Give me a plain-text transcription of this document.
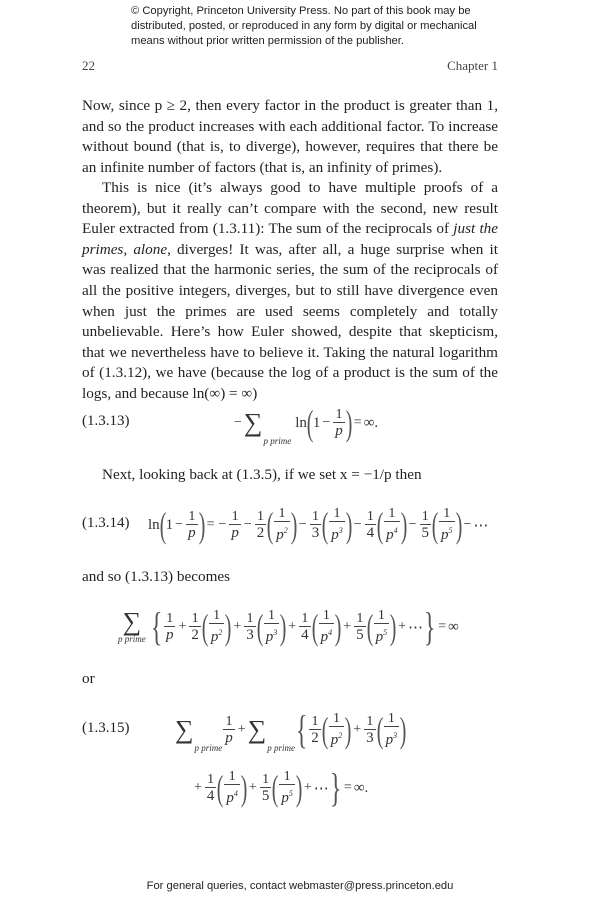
© Copyright, Princeton University Press. No part of this book may be distributed, posted, or reproduced in any form by digital or mechanical means without prior written permission of the publisher.
22	Chapter 1

Now, since p ≥ 2, then every factor in the product is greater than 1, and so the product increases with each additional factor. To increase without bound (that is, to diverge), however, requires that there be an infinite number of factors (that is, an infinity of primes).

This is nice (it’s always good to have multiple proofs of a theorem), but it really can’t compare with the second, new result Euler extracted from (1.3.11): The sum of the reciprocals of just the primes, alone, diverges! It was, after all, a huge surprise when it was realized that the harmonic series, the sum of the reciprocals of all the positive integers, diverges, but to still have divergence even when just the primes are used seems completely and totally unbelievable. Here’s how Euler showed, despite that skepticism, that we nevertheless have to believe it. Taking the natural logarithm of (1.3.12), we have (because the log of a product is the sum of the logs, and because ln(∞) = ∞)

(1.3.13)	− ∑
p prime
ln ( $1 - \frac{1}{p}$ ) = ∞.
Next, looking back at (1.3.5), if we set x = −1/p then
(1.3.14) ln ( $1 - \frac{1}{p}$ ) = − $\frac{1}{p} - \frac{1}{2}$ ( $\frac{1}{p^2}$ ) − $\frac{1}{3}$ ( $\frac{1}{p^3}$ ) − $\frac{1}{4}$ ( $\frac{1}{p^4}$ ) − $\frac{1}{5}$ ( $\frac{1}{p^5}$ ) − ⋯
and so (1.3.13) becomes
∑
p prime { $\frac{1}{p} + \frac{1}{2}$ ( $\frac{1}{p^2}$ ) + $\frac{1}{3}$ ( $\frac{1}{p^3}$ ) + $\frac{1}{4}$ ( $\frac{1}{p^4}$ ) + $\frac{1}{5}$ ( $\frac{1}{p^5}$ ) + ⋯ } = ∞
or
(1.3.15) ∑
p prime
$\frac{1}{p}$ + ∑
p prime { $\frac{1}{2}$ ( $\frac{1}{p^2}$ ) + $\frac{1}{3}$ ( $\frac{1}{p^3}$ )
+ $\frac{1}{4}$ ( $\frac{1}{p^4}$ ) + $\frac{1}{5}$ ( $\frac{1}{p^5}$ ) + ⋯ } = ∞.
For general queries, contact webmaster@press.princeton.edu
